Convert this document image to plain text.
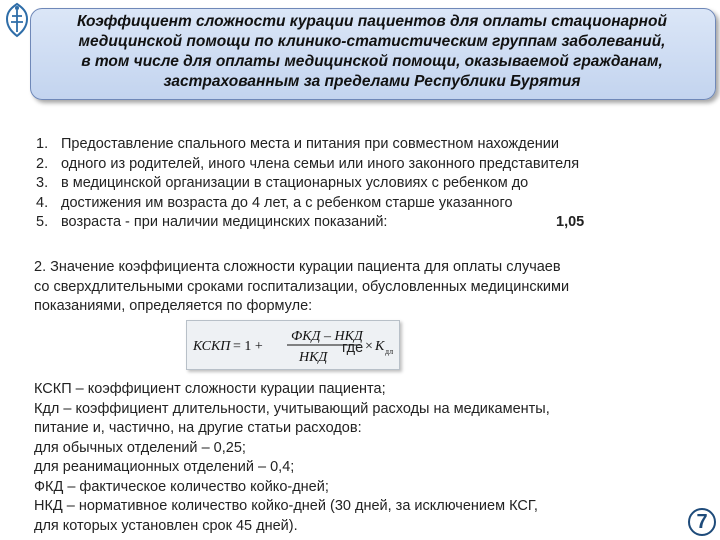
Коэффициент сложности курации пациентов для оплаты стационарной
медицинской помощи по клинико-статистическим группам заболеваний,
в том числе для оплаты медицинской помощи, оказываемой гражданам,
застрахованным за пределами Республики Бурятия
1. Предоставление спального места и питания при совместном нахождении
2. одного из родителей, иного члена семьи или иного законного представителя
3. в медицинской организации в стационарных условиях с ребенком до
4. достижения им возраста до 4 лет, а с ребенком старше указанного
5. возраста - при наличии медицинских показаний:	1,05
2. Значение коэффициента сложности курации пациента для оплаты случаев
со сверхдлительными сроками госпитализации, обусловленных медицинскими
показаниями, определяется по формуле:
КСКП = 1 +
ФКД – НКД
НКД
× К дл
где
КСКП – коэффициент сложности курации пациента;
Кдл – коэффициент длительности, учитывающий расходы на медикаменты,
питание и, частично, на другие статьи расходов:
для обычных отделений – 0,25;
для реанимационных отделений – 0,4;
ФКД – фактическое количество койко-дней;
НКД – нормативное количество койко-дней (30 дней, за исключением КСГ,
для которых установлен срок 45 дней).	7
